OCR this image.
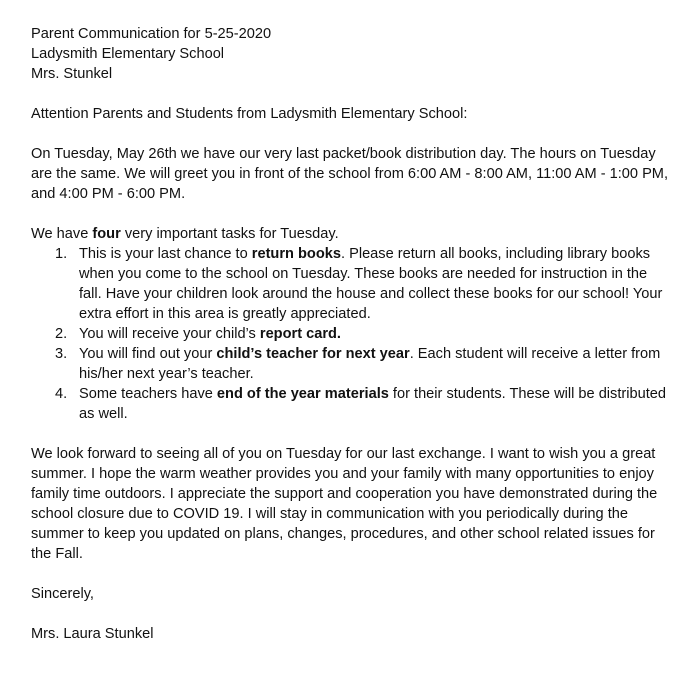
Parent Communication for 5-25-2020
Ladysmith Elementary School
Mrs. Stunkel

Attention Parents and Students from Ladysmith Elementary School:

On Tuesday, May 26th we have our very last packet/book distribution day. The hours on Tuesday are the same. We will greet you in front of the school from 6:00 AM - 8:00 AM, 11:00 AM - 1:00 PM, and 4:00 PM - 6:00 PM.

We have four very important tasks for Tuesday.

1. This is your last chance to return books. Please return all books, including library books when you come to the school on Tuesday. These books are needed for instruction in the fall. Have your children look around the house and collect these books for our school! Your extra effort in this area is greatly appreciated.
2. You will receive your child’s report card.
3. You will find out your child’s teacher for next year. Each student will receive a letter from his/her next year’s teacher.
4. Some teachers have end of the year materials for their students. These will be distributed as well.

We look forward to seeing all of you on Tuesday for our last exchange. I want to wish you a great summer. I hope the warm weather provides you and your family with many opportunities to enjoy family time outdoors. I appreciate the support and cooperation you have demonstrated during the school closure due to COVID 19. I will stay in communication with you periodically during the summer to keep you updated on plans, changes, procedures, and other school related issues for the Fall.

Sincerely,

Mrs. Laura Stunkel
